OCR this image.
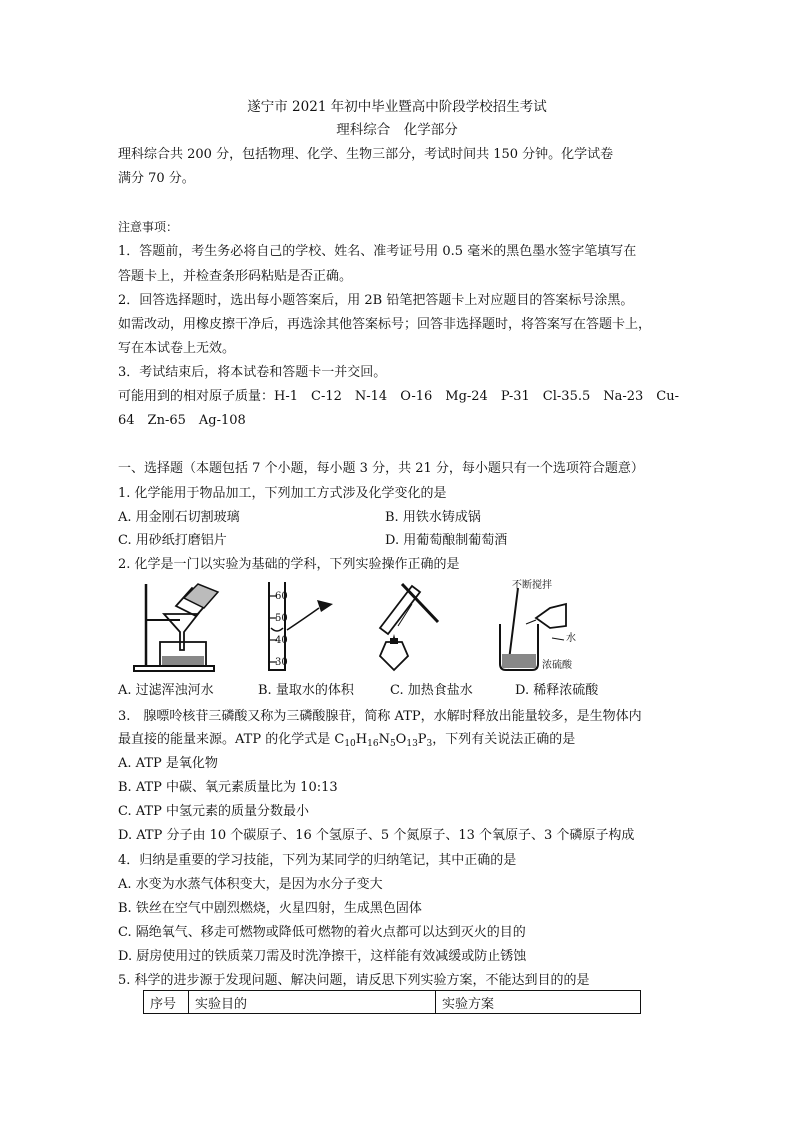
遂宁市 2021 年初中毕业暨高中阶段学校招生考试
理科综合　化学部分
理科综合共 200 分，包括物理、化学、生物三部分，考试时间共 150 分钟。化学试卷
满分 70 分。
注意事项：
1．答题前，考生务必将自己的学校、姓名、准考证号用 0.5 毫米的黑色墨水签字笔填写在
答题卡上，并检查条形码粘贴是否正确。
2．回答选择题时，选出每小题答案后，用 2B 铅笔把答题卡上对应题目的答案标号涂黑。
如需改动，用橡皮擦干净后，再选涂其他答案标号；回答非选择题时，将答案写在答题卡上，
写在本试卷上无效。
3．考试结束后，将本试卷和答题卡一并交回。
可能用到的相对原子质量：H-1　C-12　N-14　O-16　Mg-24　P-31　Cl-35.5　Na-23　Cu-
64　Zn-65　Ag-108
一、选择题（本题包括 7 个小题，每小题 3 分，共 21 分，每小题只有一个选项符合题意）
1. 化学能用于物品加工，下列加工方式涉及化学变化的是
A. 用金刚石切割玻璃	B. 用铁水铸成锅
C. 用砂纸打磨铝片	D. 用葡萄酿制葡萄酒
2. 化学是一门以实验为基础的学科，下列实验操作正确的是
60
50
40
30
不断搅拌
水
浓硫酸
A. 过滤浑浊河水	B. 量取水的体积	C. 加热食盐水	D. 稀释浓硫酸
3.　腺嘌呤核苷三磷酸又称为三磷酸腺苷，简称 ATP，水解时释放出能量较多，是生物体内
最直接的能量来源。ATP 的化学式是 $C_{10}H_{16}N_5O_{13}P_3$，下列有关说法正确的是
A. ATP 是氧化物
B. ATP 中碳、氧元素质量比为 10:13
C. ATP 中氢元素的质量分数最小
D. ATP 分子由 10 个碳原子、16 个氢原子、5 个氮原子、13 个氧原子、3 个磷原子构成
4．归纳是重要的学习技能，下列为某同学的归纳笔记，其中正确的是
A. 水变为水蒸气体积变大，是因为水分子变大
B. 铁丝在空气中剧烈燃烧，火星四射，生成黑色固体
C. 隔绝氧气、移走可燃物或降低可燃物的着火点都可以达到灭火的目的
D. 厨房使用过的铁质菜刀需及时洗净擦干，这样能有效减缓或防止锈蚀
5. 科学的进步源于发现问题、解决问题，请反思下列实验方案，不能达到目的的是
序号	实验目的	实验方案
